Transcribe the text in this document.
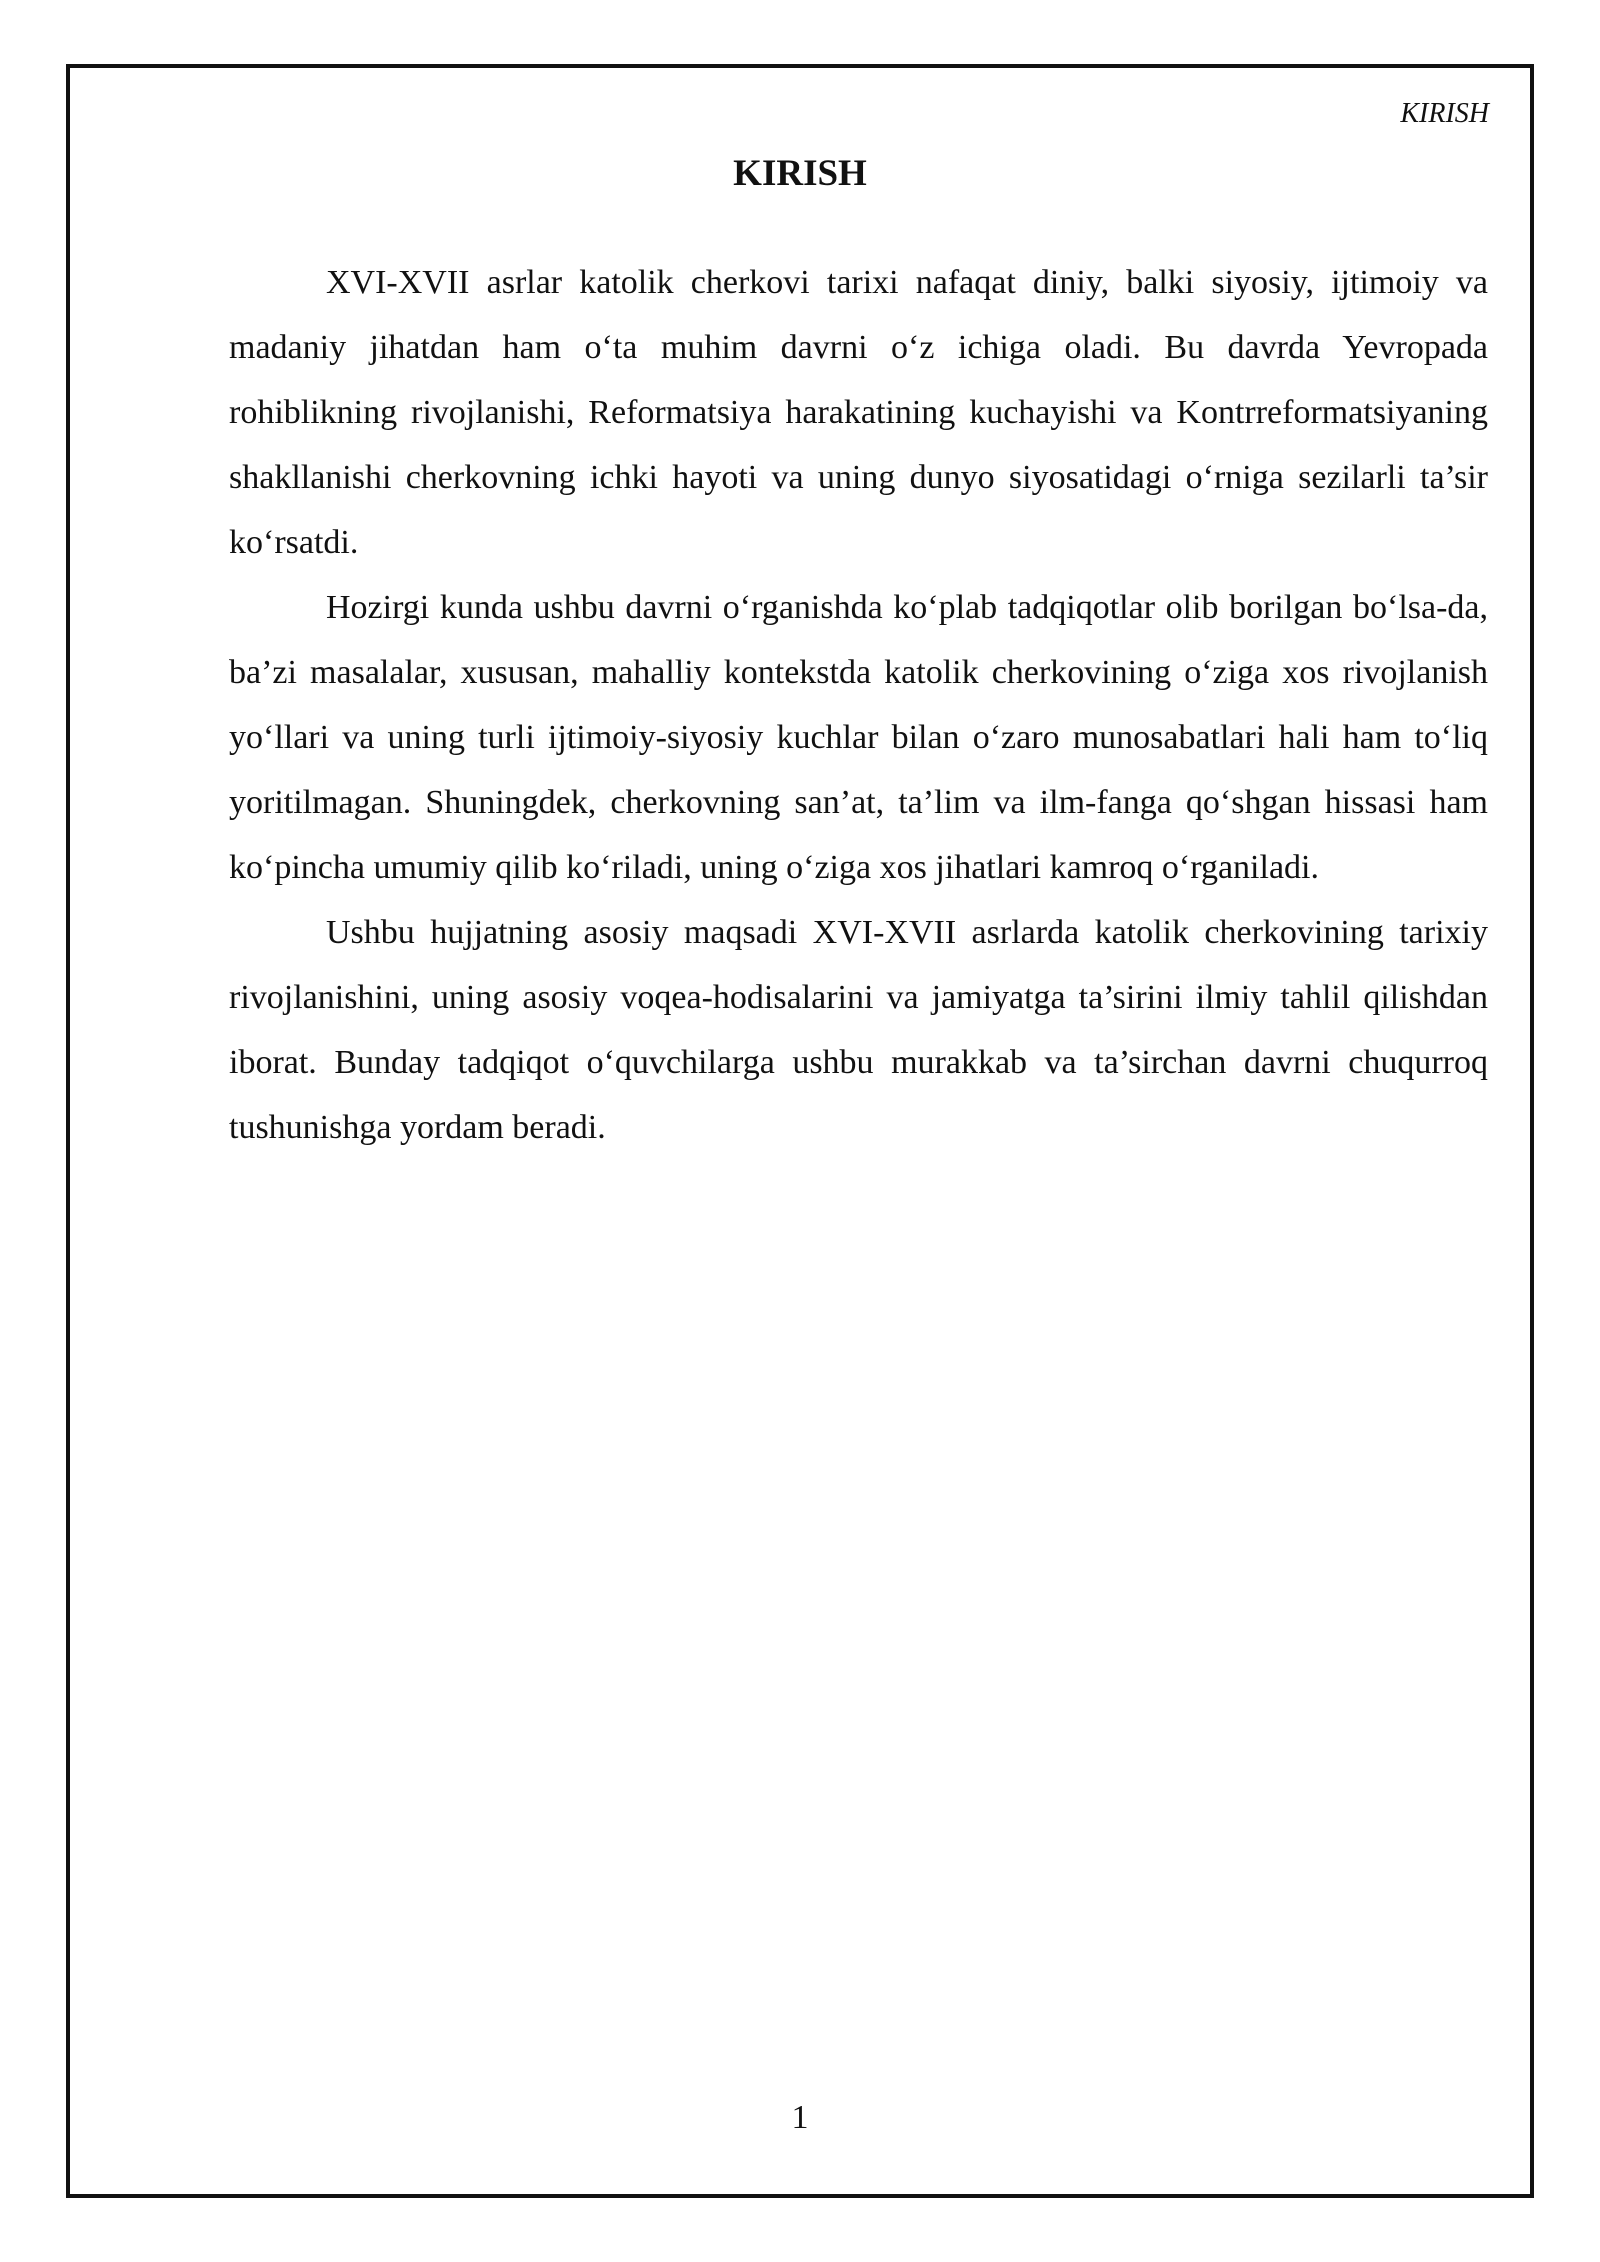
KIRISH
KIRISH

XVI-XVII asrlar katolik cherkovi tarixi nafaqat diniy, balki siyosiy, ijtimoiy va madaniy jihatdan ham o‘ta muhim davrni o‘z ichiga oladi. Bu davrda Yevropada rohiblikning rivojlanishi, Reformatsiya harakatining kuchayishi va Kontrreformatsiyaning shakllanishi cherkovning ichki hayoti va uning dunyo siyosatidagi o‘rniga sezilarli ta’sir ko‘rsatdi.

Hozirgi kunda ushbu davrni o‘rganishda ko‘plab tadqiqotlar olib borilgan bo‘lsa-da, ba’zi masalalar, xususan, mahalliy kontekstda katolik cherkovining o‘ziga xos rivojlanish yo‘llari va uning turli ijtimoiy-siyosiy kuchlar bilan o‘zaro munosabatlari hali ham to‘liq yoritilmagan. Shuningdek, cherkovning san’at, ta’lim va ilm-fanga qo‘shgan hissasi ham ko‘pincha umumiy qilib ko‘riladi, uning o‘ziga xos jihatlari kamroq o‘rganiladi.

Ushbu hujjatning asosiy maqsadi XVI-XVII asrlarda katolik cherkovining tarixiy rivojlanishini, uning asosiy voqea-hodisalarini va jamiyatga ta’sirini ilmiy tahlil qilishdan iborat. Bunday tadqiqot o‘quvchilarga ushbu murakkab va ta’sirchan davrni chuqurroq tushunishga yordam beradi.

1
